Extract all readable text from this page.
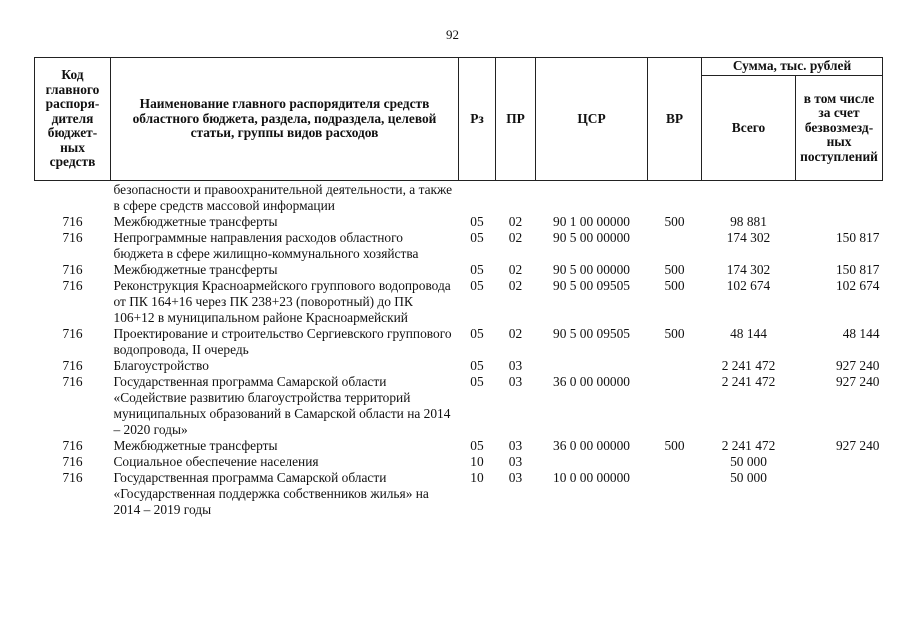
92
Код главного распоря-дителя бюджет-ных средств	Наименование главного распорядителя средств областного бюджета, раздела, подраздела, целевой статьи, группы видов расходов	Рз	ПР	ЦСР	ВР	Сумма, тыс. рублей	
						Всего	в том числе за счет безвозмезд-ных поступлений
	безопасности и правоохранительной деятельности, а также в сфере средств массовой информации						
716	Межбюджетные трансферты	05	02	90 1 00 00000	500	98 881	
716	Непрограммные направления расходов областного бюджета в сфере жилищно-коммунального хозяйства	05	02	90 5 00 00000		174 302	150 817
716	Межбюджетные трансферты	05	02	90 5 00 00000	500	174 302	150 817
716	Реконструкция Красноармейского группового водопровода от ПК 164+16 через ПК 238+23 (поворотный) до ПК 106+12 в муниципальном районе Красноармейский	05	02	90 5 00 09505	500	102 674	102 674
716	Проектирование и строительство Сергиевского группового водопровода, II очередь	05	02	90 5 00 09505	500	48 144	48 144
716	Благоустройство	05	03			2 241 472	927 240
716	Государственная программа Самарской области «Содействие развитию благоустройства территорий муниципальных образований в Самарской области на 2014 – 2020 годы»	05	03	36 0 00 00000		2 241 472	927 240
716	Межбюджетные трансферты	05	03	36 0 00 00000	500	2 241 472	927 240
716	Социальное обеспечение населения	10	03			50 000	
716	Государственная программа Самарской области «Государственная поддержка собственников жилья» на 2014 – 2019 годы	10	03	10 0 00 00000		50 000	
